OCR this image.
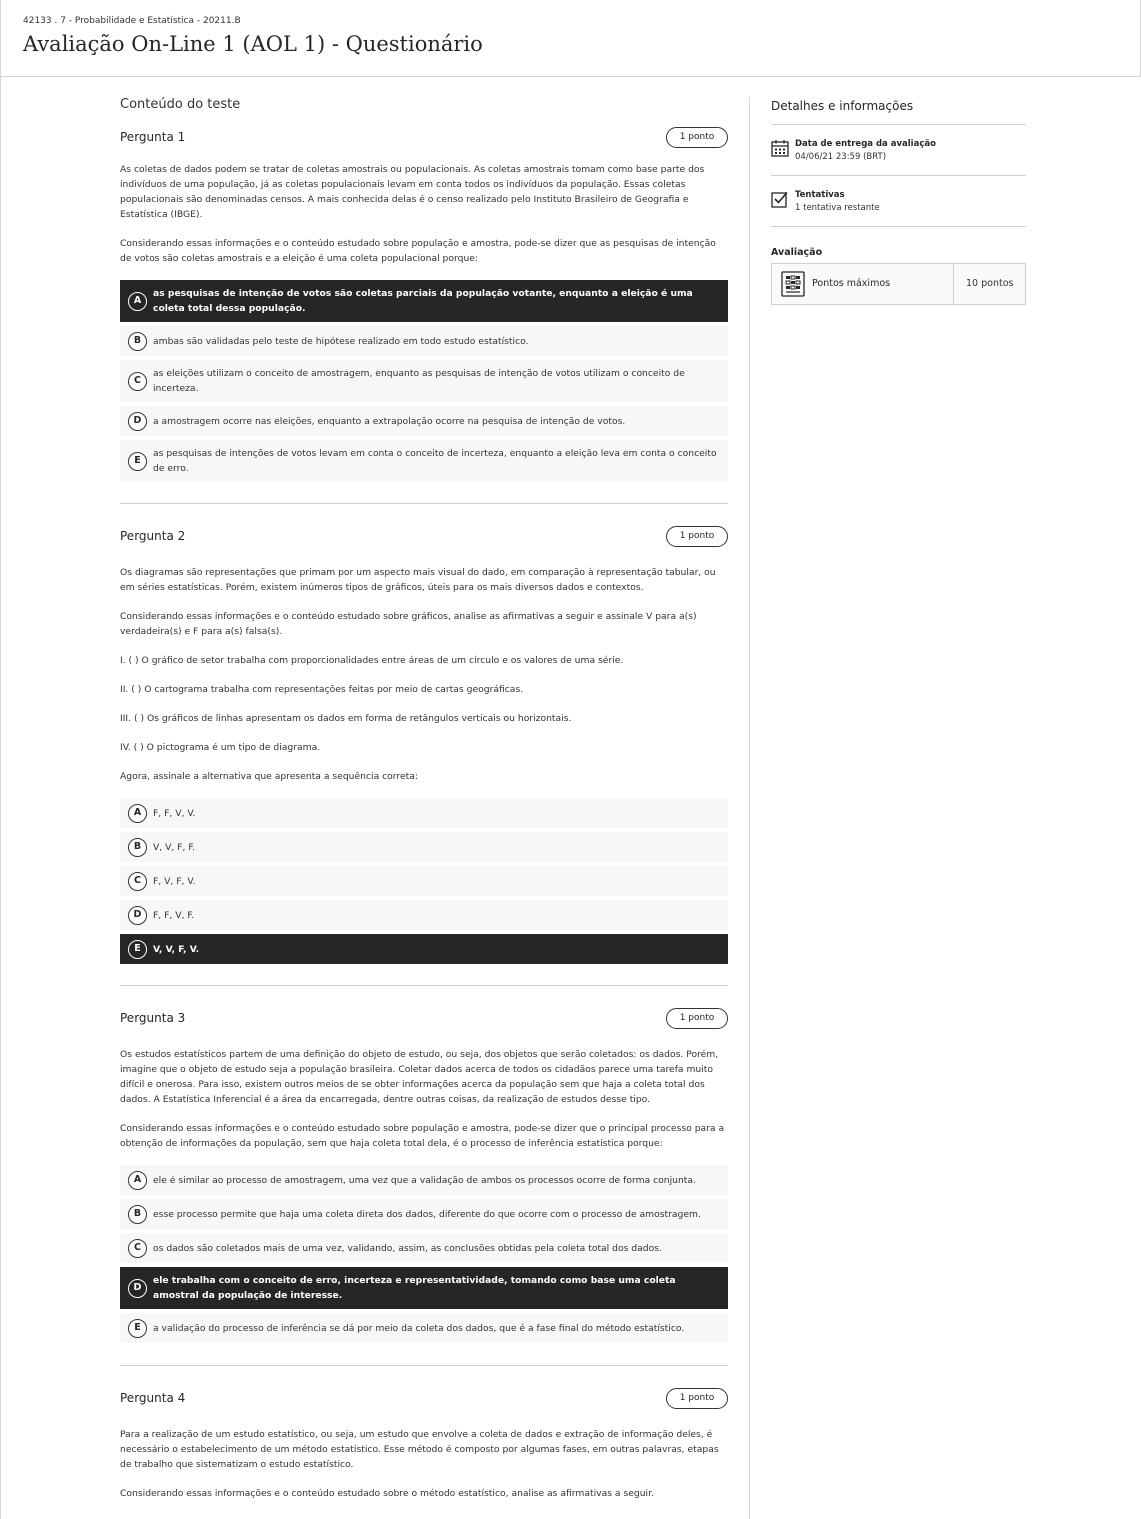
42133 . 7 - Probabilidade e Estatística - 20211.B
Avaliação On-Line 1 (AOL 1) - Questionário
Conteúdo do teste
Pergunta 1	1 ponto

As coletas de dados podem se tratar de coletas amostrais ou populacionais. As coletas amostrais tomam como base parte dos indivíduos de uma população, já as coletas populacionais levam em conta todos os indivíduos da população. Essas coletas populacionais são denominadas censos. A mais conhecida delas é o censo realizado pelo Instituto Brasileiro de Geografia e Estatística (IBGE).

Considerando essas informações e o conteúdo estudado sobre população e amostra, pode-se dizer que as pesquisas de intenção de votos são coletas amostrais e a eleição é uma coleta populacional porque:

A
as pesquisas de intenção de votos são coletas parciais da população votante, enquanto a eleição é uma coleta total dessa população.
B	ambas são validadas pelo teste de hipótese realizado em todo estudo estatístico.
C
as eleições utilizam o conceito de amostragem, enquanto as pesquisas de intenção de votos utilizam o conceito de incerteza.
D	a amostragem ocorre nas eleições, enquanto a extrapolação ocorre na pesquisa de intenção de votos.
E
as pesquisas de intenções de votos levam em conta o conceito de incerteza, enquanto a eleição leva em conta o conceito de erro.
Pergunta 2	1 ponto

Os diagramas são representações que primam por um aspecto mais visual do dado, em comparação à representação tabular, ou em séries estatísticas. Porém, existem inúmeros tipos de gráficos, úteis para os mais diversos dados e contextos.

Considerando essas informações e o conteúdo estudado sobre gráficos, analise as afirmativas a seguir e assinale V para a(s) verdadeira(s) e F para a(s) falsa(s).

I. ( ) O gráfico de setor trabalha com proporcionalidades entre áreas de um círculo e os valores de uma série.

II. ( ) O cartograma trabalha com representações feitas por meio de cartas geográficas.

III. ( ) Os gráficos de linhas apresentam os dados em forma de retângulos verticais ou horizontais.

IV. ( ) O pictograma é um tipo de diagrama.

Agora, assinale a alternativa que apresenta a sequência correta:

A	F, F, V, V.
B	V, V, F, F.
C	F, V, F, V.
D	F, F, V, F.
E	V, V, F, V.
Pergunta 3	1 ponto

Os estudos estatísticos partem de uma definição do objeto de estudo, ou seja, dos objetos que serão coletados: os dados. Porém, imagine que o objeto de estudo seja a população brasileira. Coletar dados acerca de todos os cidadãos parece uma tarefa muito difícil e onerosa. Para isso, existem outros meios de se obter informações acerca da população sem que haja a coleta total dos dados. A Estatística Inferencial é a área da encarregada, dentre outras coisas, da realização de estudos desse tipo.

Considerando essas informações e o conteúdo estudado sobre população e amostra, pode-se dizer que o principal processo para a obtenção de informações da população, sem que haja coleta total dela, é o processo de inferência estatística porque:

A	ele é similar ao processo de amostragem, uma vez que a validação de ambos os processos ocorre de forma conjunta.
B	esse processo permite que haja uma coleta direta dos dados, diferente do que ocorre com o processo de amostragem.
C	os dados são coletados mais de uma vez, validando, assim, as conclusões obtidas pela coleta total dos dados.
D
ele trabalha com o conceito de erro, incerteza e representatividade, tomando como base uma coleta amostral da população de interesse.
E	a validação do processo de inferência se dá por meio da coleta dos dados, que é a fase final do método estatístico.
Pergunta 4	1 ponto

Para a realização de um estudo estatístico, ou seja, um estudo que envolve a coleta de dados e extração de informação deles, é necessário o estabelecimento de um método estatístico. Esse método é composto por algumas fases, em outras palavras, etapas de trabalho que sistematizam o estudo estatístico.

Considerando essas informações e o conteúdo estudado sobre o método estatístico, analise as afirmativas a seguir.

Detalhes e informações
Data de entrega da avaliação
04/06/21 23:59 (BRT)
Tentativas
1 tentativa restante
Avaliação
Pontos máximos	10 pontos
